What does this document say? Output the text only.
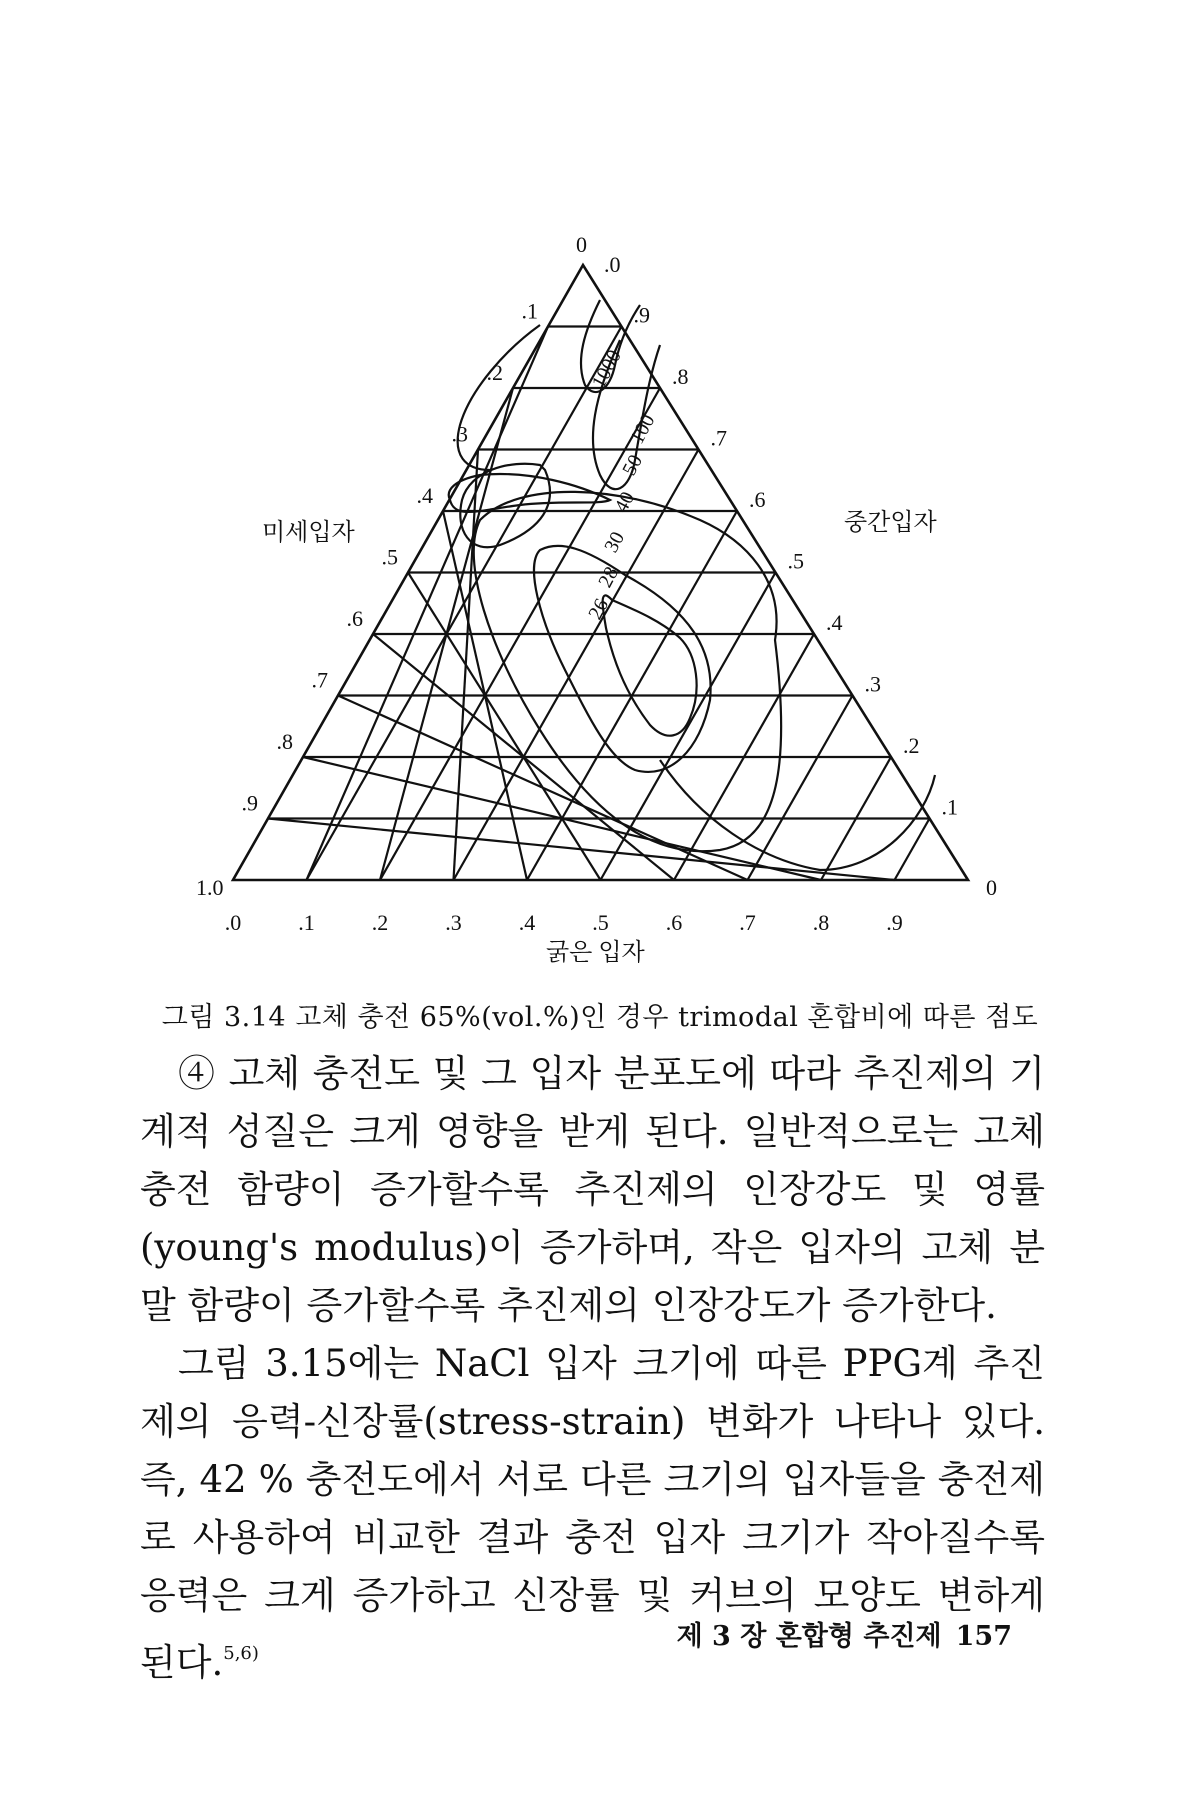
1000
100
50
40
30
28
26
.1
.2
.3
.4
.5
.6
.7
.8
.9
.9
.8
.7
.6
.5
.4
.3
.2
.1
.0	.1	.2	.3	.4	.5	.6	.7	.8	.9
0
.0
1.0	0
미세입자	중간입자
굵은 입자
그림 3.14 고체 충전 65%(vol.%)인 경우 trimodal 혼합비에 따른 점도

④ 고체 충전도 및 그 입자 분포도에 따라 추진제의 기계적 성질은 크게 영향을 받게 된다. 일반적으로는 고체 충전 함량이 증가할수록 추진제의 인장강도 및 영률(young's modulus)이 증가하며, 작은 입자의 고체 분말 함량이 증가할수록 추진제의 인장강도가 증가한다.

그림 3.15에는 NaCl 입자 크기에 따른 PPG계 추진제의 응력-신장률(stress-strain) 변화가 나타나 있다. 즉, 42 % 충전도에서 서로 다른 크기의 입자들을 충전제로 사용하여 비교한 결과 충전 입자 크기가 작아질수록 응력은 크게 증가하고 신장률 및 커브의 모양도 변하게 된다.$^{5,6)}$

제 3 장 혼합형 추진제 157
